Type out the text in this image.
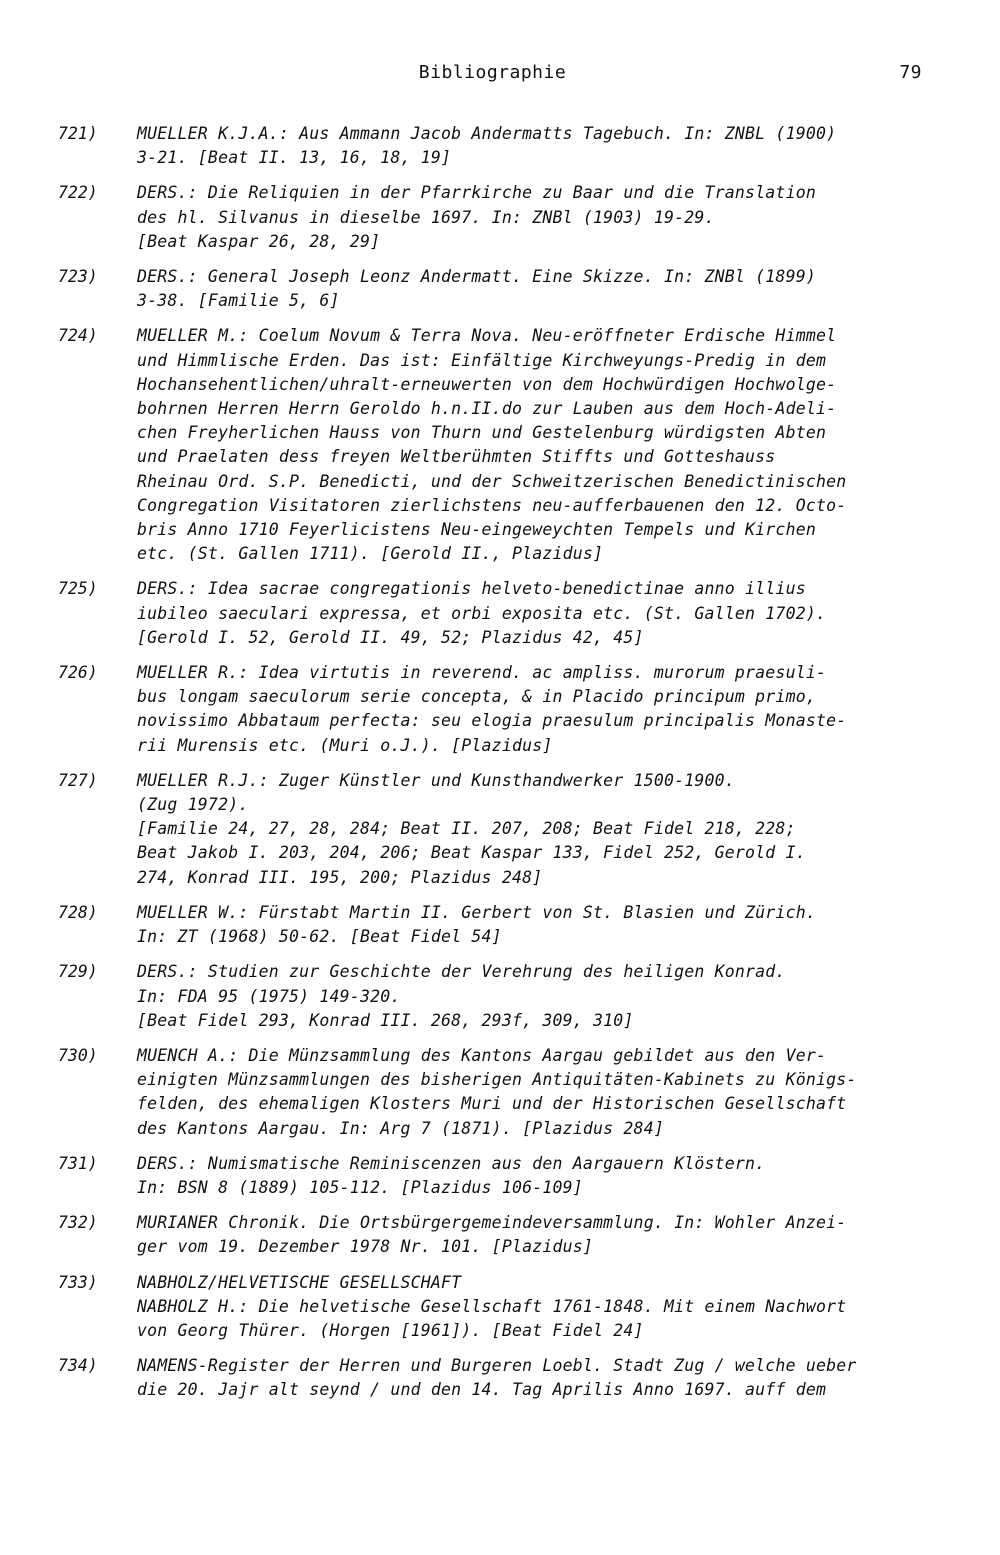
Bibliographie	79
721) MUELLER K.J.A.: Aus Ammann Jacob Andermatts Tagebuch. In: ZNBL (1900)
3-21. [Beat II. 13, 16, 18, 19]
722) DERS.: Die Reliquien in der Pfarrkirche zu Baar und die Translation
des hl. Silvanus in dieselbe 1697. In: ZNBl (1903) 19-29.
[Beat Kaspar 26, 28, 29]
723) DERS.: General Joseph Leonz Andermatt. Eine Skizze. In: ZNBl (1899)
3-38. [Familie 5, 6]
724) MUELLER M.: Coelum Novum & Terra Nova. Neu-eröffneter Erdische Himmel
und Himmlische Erden. Das ist: Einfältige Kirchweyungs-Predig in dem
Hochansehentlichen/uhralt-erneuwerten von dem Hochwürdigen Hochwolge-
bohrnen Herren Herrn Geroldo h.n.II.do zur Lauben aus dem Hoch-Adeli-
chen Freyherlichen Hauss von Thurn und Gestelenburg würdigsten Abten
und Praelaten dess freyen Weltberühmten Stiffts und Gotteshauss
Rheinau Ord. S.P. Benedicti, und der Schweitzerischen Benedictinischen
Congregation Visitatoren zierlichstens neu-aufferbauenen den 12. Octo-
bris Anno 1710 Feyerlicistens Neu-eingeweychten Tempels und Kirchen
etc. (St. Gallen 1711). [Gerold II., Plazidus]
725) DERS.: Idea sacrae congregationis helveto-benedictinae anno illius
iubileo saeculari expressa, et orbi exposita etc. (St. Gallen 1702).
[Gerold I. 52, Gerold II. 49, 52; Plazidus 42, 45]
726) MUELLER R.: Idea virtutis in reverend. ac ampliss. murorum praesuli-
bus longam saeculorum serie concepta, & in Placido principum primo,
novissimo Abbataum perfecta: seu elogia praesulum principalis Monaste-
rii Murensis etc. (Muri o.J.). [Plazidus]
727) MUELLER R.J.: Zuger Künstler und Kunsthandwerker 1500-1900.
(Zug 1972).
[Familie 24, 27, 28, 284; Beat II. 207, 208; Beat Fidel 218, 228;
Beat Jakob I. 203, 204, 206; Beat Kaspar 133, Fidel 252, Gerold I.
274, Konrad III. 195, 200; Plazidus 248]
728) MUELLER W.: Fürstabt Martin II. Gerbert von St. Blasien und Zürich.
In: ZT (1968) 50-62. [Beat Fidel 54]
729) DERS.: Studien zur Geschichte der Verehrung des heiligen Konrad.
In: FDA 95 (1975) 149-320.
[Beat Fidel 293, Konrad III. 268, 293f, 309, 310]
730) MUENCH A.: Die Münzsammlung des Kantons Aargau gebildet aus den Ver-
einigten Münzsammlungen des bisherigen Antiquitäten-Kabinets zu Königs-
felden, des ehemaligen Klosters Muri und der Historischen Gesellschaft
des Kantons Aargau. In: Arg 7 (1871). [Plazidus 284]
731) DERS.: Numismatische Reminiscenzen aus den Aargauern Klöstern.
In: BSN 8 (1889) 105-112. [Plazidus 106-109]
732) MURIANER Chronik. Die Ortsbürgergemeindeversammlung. In: Wohler Anzei-
ger vom 19. Dezember 1978 Nr. 101. [Plazidus]
733) NABHOLZ/HELVETISCHE GESELLSCHAFT
NABHOLZ H.: Die helvetische Gesellschaft 1761-1848. Mit einem Nachwort
von Georg Thürer. (Horgen [1961]). [Beat Fidel 24]
734) NAMENS-Register der Herren und Burgeren Loebl. Stadt Zug / welche ueber
die 20. Jajr alt seynd / und den 14. Tag Aprilis Anno 1697. auff dem
